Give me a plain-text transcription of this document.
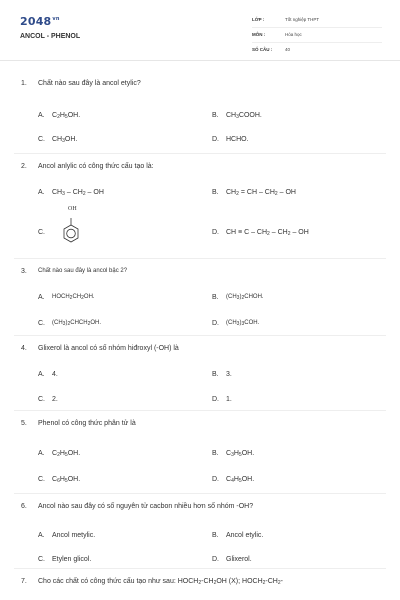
$2048^{vn}$
ANCOL - PHENOL
LỚP :	Tốt nghiệp THPT
MÔN :	Hóa học
SỐ CÂU :	40
1. Chất nào sau đây là ancol etylic?
A. $C_2H_5OH$.	B. $CH_3COOH$.
C. $CH_3OH$.	D. HCHO.
2. Ancol anlylic có công thức cấu tạo là:
A. $CH_3 - CH_2$ – OH	B. $CH_2$ = CH – $CH_2$ – OH
C.
OH
D. CH ≡ C – $CH_2 - CH_2$ – OH
3. Chất nào sau đây là ancol bậc 2?
A. $HOCH_2CH_2OH$.	B. $(CH_3)_2CHOH$.
C. $(CH_3)_2CHCH_2OH$.	D. $(CH_3)_3COH$.
4. Glixerol là ancol có số nhóm hiđroxyl (-OH) là
A. 4.	B. 3.
C. 2.	D. 1.
5. Phenol có công thức phân tử là
A. $C_2H_5OH$.	B. $C_3H_5OH$.
C. $C_6H_5OH$.	D. $C_4H_5OH$.
6. Ancol nào sau đây có số nguyên tử cacbon nhiều hơn số nhóm -OH?
A. Ancol metylic.	B. Ancol etylic.
C. Etylen glicol.	D. Glixerol.
7. Cho các chất có công thức cấu tạo như sau: $HOCH_2-CH_2OH$ (X); $HOCH_2-CH_2-$
